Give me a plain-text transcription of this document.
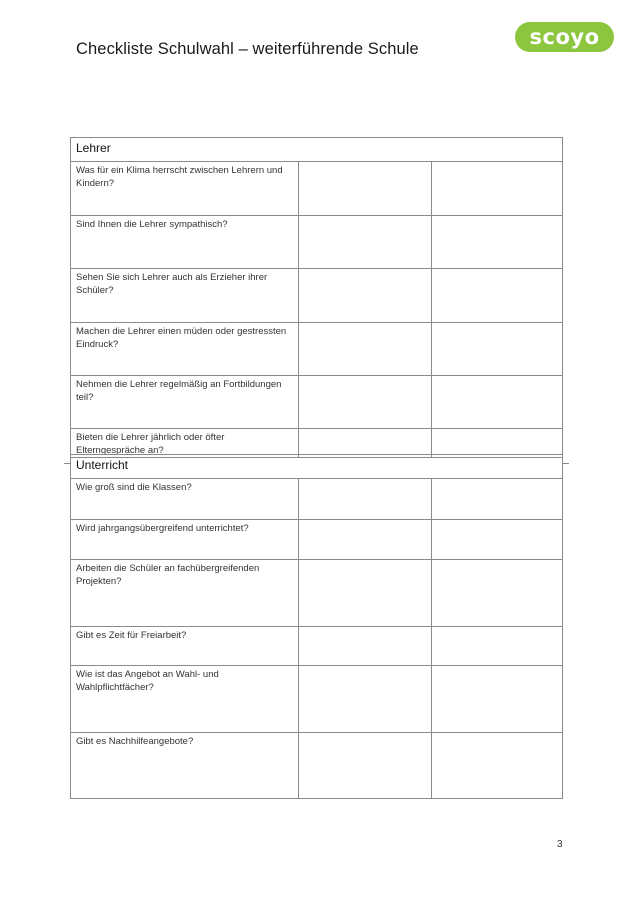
Checkliste Schulwahl – weiterführende Schule	scoyo
Lehrer		
Was für ein Klima herrscht zwischen Lehrern und Kindern?		
Sind Ihnen die Lehrer sympathisch?		
Sehen Sie sich Lehrer auch als Erzieher ihrer Schüler?		
Machen die Lehrer einen müden oder gestressten Eindruck?		
Nehmen die Lehrer regelmäßig an Fortbildungen teil?		
Bieten die Lehrer jährlich oder öfter Elterngespräche an?		
Unterricht		
Wie groß sind die Klassen?		
Wird jahrgangsübergreifend unterrichtet?		
Arbeiten die Schüler an fachübergreifenden Projekten?		
Gibt es Zeit für Freiarbeit?		
Wie ist das Angebot an Wahl- und Wahlpflichtfächer?		
Gibt es Nachhilfeangebote?		
3
